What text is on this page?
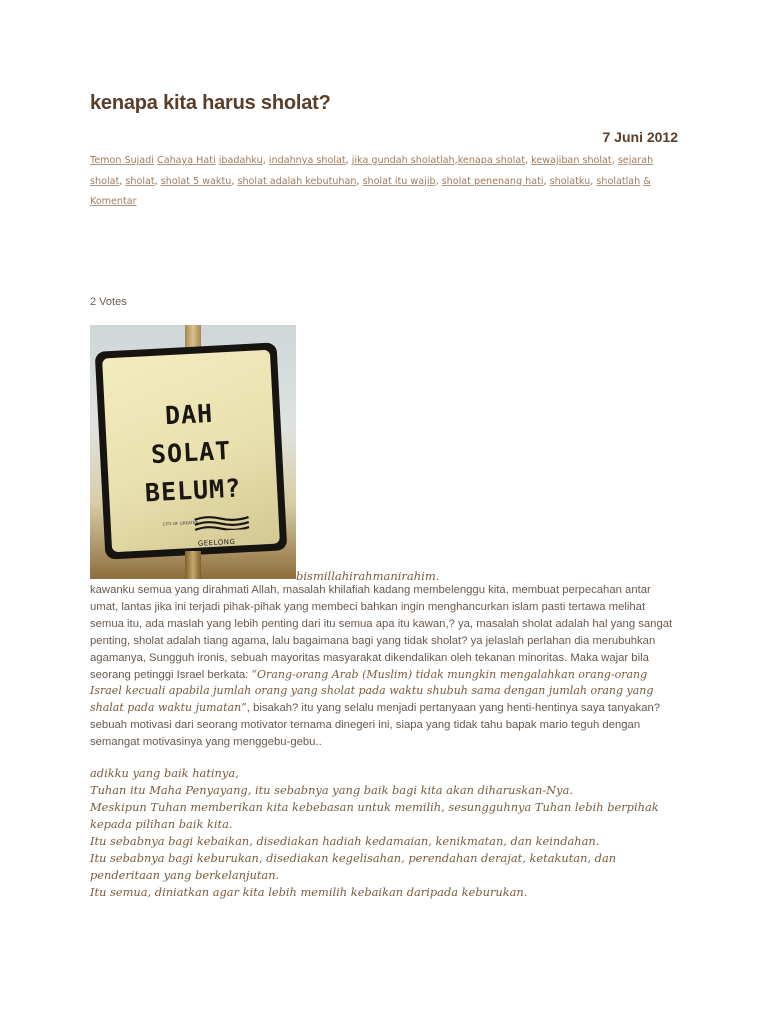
kenapa kita harus sholat?
7 Juni 2012
Temon Sujadi Cahaya Hati ibadahku, indahnya sholat, jika gundah sholatlah,kenapa sholat, kewajiban sholat, sejarah sholat, sholat, sholat 5 waktu, sholat adalah kebutuhan, sholat itu wajib, sholat penenang hati, sholatku, sholatlah & Komentar
2 Votes
DAH
SOLAT
BELUM?
CITY OF GREATER
GEELONG
bismillahirahmanirahim.

kawanku semua yang dirahmati Allah, masalah khilafiah kadang membelenggu kita, membuat perpecahan antar umat, lantas jika ini terjadi pihak-pihak yang membeci bahkan ingin menghancurkan islam pasti tertawa melihat semua itu, ada maslah yang lebih penting dari itu semua apa itu kawan,? ya, masalah sholat adalah hal yang sangat penting, sholat adalah tiang agama, lalu bagaimana bagi yang tidak sholat? ya jelaslah perlahan dia merubuhkan agamanya, Sungguh ironis, sebuah mayoritas masyarakat dikendalikan oleh tekanan minoritas. Maka wajar bila seorang petinggi Israel berkata: “Orang-orang Arab (Muslim) tidak mungkin mengalahkan orang-orang Israel kecuali apabila jumlah orang yang sholat pada waktu shubuh sama dengan jumlah orang yang shalat pada waktu jumatan”, bisakah? itu yang selalu menjadi pertanyaan yang henti-hentinya saya tanyakan?

sebuah motivasi dari seorang motivator ternama dinegeri ini, siapa yang tidak tahu bapak mario teguh dengan semangat motivasinya yang menggebu-gebu..

adikku yang baik hatinya,

Tuhan itu Maha Penyayang, itu sebabnya yang baik bagi kita akan diharuskan-Nya.

Meskipun Tuhan memberikan kita kebebasan untuk memilih, sesungguhnya Tuhan lebih berpihak kepada pilihan baik kita.

Itu sebabnya bagi kebaikan, disediakan hadiah kedamaian, kenikmatan, dan keindahan.

Itu sebabnya bagi keburukan, disediakan kegelisahan, perendahan derajat, ketakutan, dan penderitaan yang berkelanjutan.

Itu semua, diniatkan agar kita lebih memilih kebaikan daripada keburukan.
